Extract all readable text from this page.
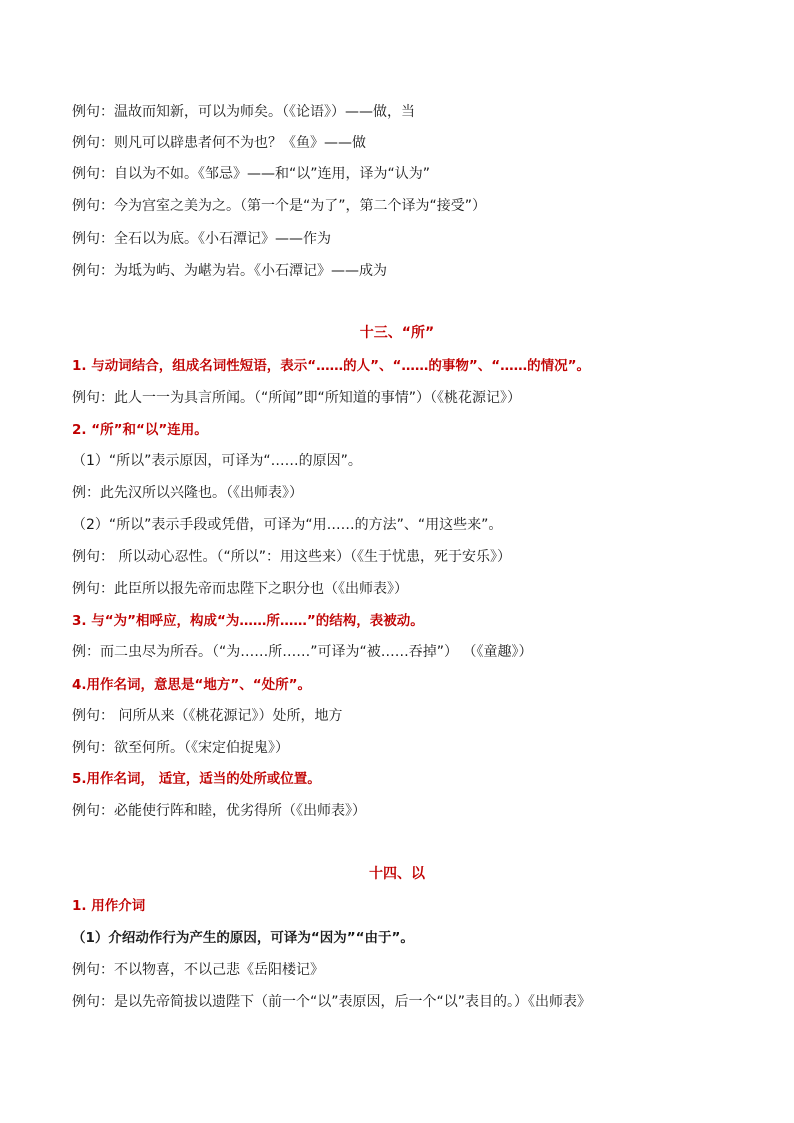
例句：温故而知新，可以为师矣。（《论语》）——做，当
例句：则凡可以辟患者何不为也？《鱼》——做
例句：自以为不如。《邹忌》——和“以”连用，译为“认为”
例句：今为宫室之美为之。（第一个是“为了”，第二个译为“接受”）
例句：全石以为底。《小石潭记》——作为
例句：为坻为屿、为嵁为岩。《小石潭记》——成为
十三、“所”
1. 与动词结合，组成名词性短语，表示“……的人”、“……的事物”、“……的情况”。
例句：此人一一为具言所闻。（“所闻”即“所知道的事情”）（《桃花源记》）
2. “所”和“以”连用。
（1）“所以”表示原因，可译为“……的原因”。
例：此先汉所以兴隆也。（《出师表》）
（2）“所以”表示手段或凭借，可译为“用……的方法”、“用这些来”。
例句： 所以动心忍性。（“所以”：用这些来）（《生于忧患，死于安乐》）
例句：此臣所以报先帝而忠陛下之职分也（《出师表》）
3. 与“为”相呼应，构成“为……所……”的结构，表被动。
例：而二虫尽为所吞。（“为……所……”可译为“被……吞掉”） （《童趣》）
4.用作名词，意思是“地方”、“处所”。
例句： 问所从来（《桃花源记》）处所，地方
例句：欲至何所。（《宋定伯捉鬼》）
5.用作名词， 适宜，适当的处所或位置。
例句：必能使行阵和睦，优劣得所（《出师表》）
十四、以
1. 用作介词
（1）介绍动作行为产生的原因，可译为“因为”“由于”。
例句：不以物喜，不以己悲《岳阳楼记》
例句：是以先帝简拔以遗陛下（前一个“以”表原因，后一个“以”表目的。）《出师表》
